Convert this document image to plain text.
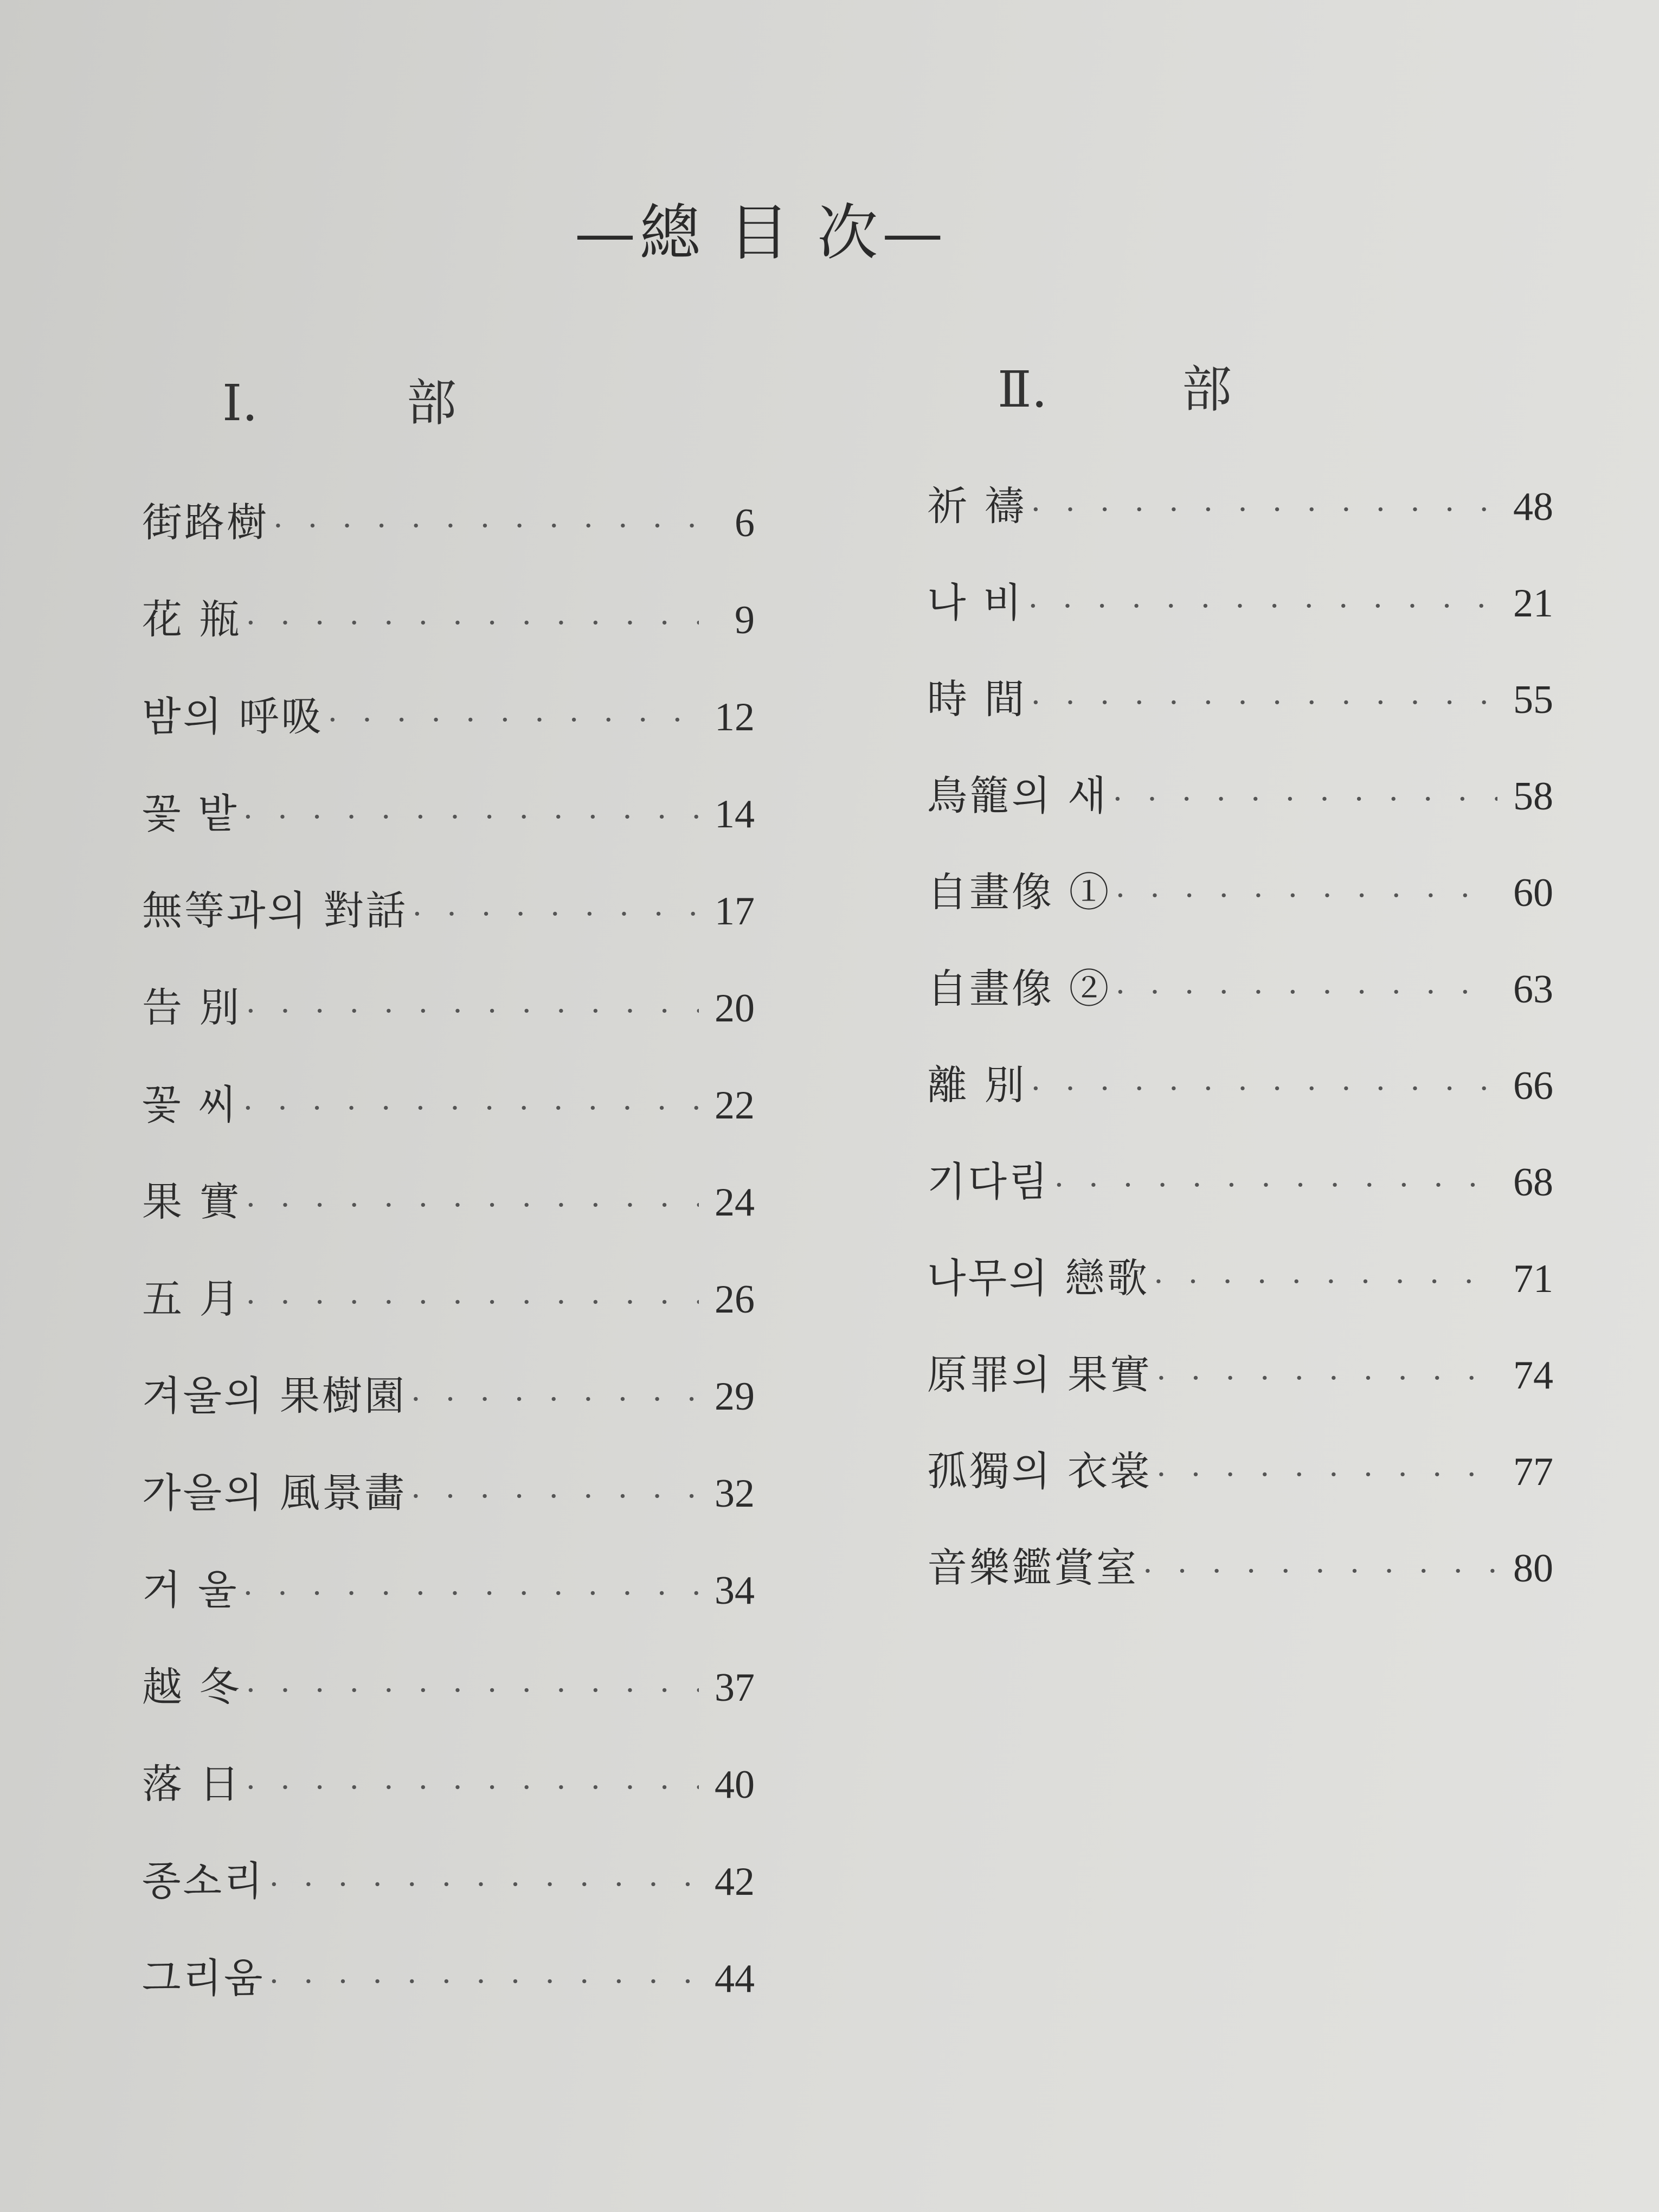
—總 目 次—
Ⅰ.	部	Ⅱ.	部
街路樹 · · ·	6
花 瓶 · · ·	9
밤의 呼吸 · · ·	12
꽃 밭 · · ·	14
無等과의 對話 · · ·	17
告 別 · · ·	20
꽃 씨 · · ·	22
果 實 · · ·	24
五 月 · · ·	26
겨울의 果樹園 · · ·	29
가을의 風景畵 · · ·	32
거 울 · · ·	34
越 冬 · · ·	37
落 日 · · ·	40
종소리 · · ·	42
그리움 · · ·	44
祈 禱 · · ·	48
나 비 · · ·	21
時 間 · · ·	55
鳥籠의 새 · · ·	58
自畫像 ① · · ·	60
自畫像 ② · · ·	63
離 別 · · ·	66
기다림 · · ·	68
나무의 戀歌 · · ·	71
原罪의 果實 · · ·	74
孤獨의 衣裳 · · ·	77
音樂鑑賞室 · · ·	80
